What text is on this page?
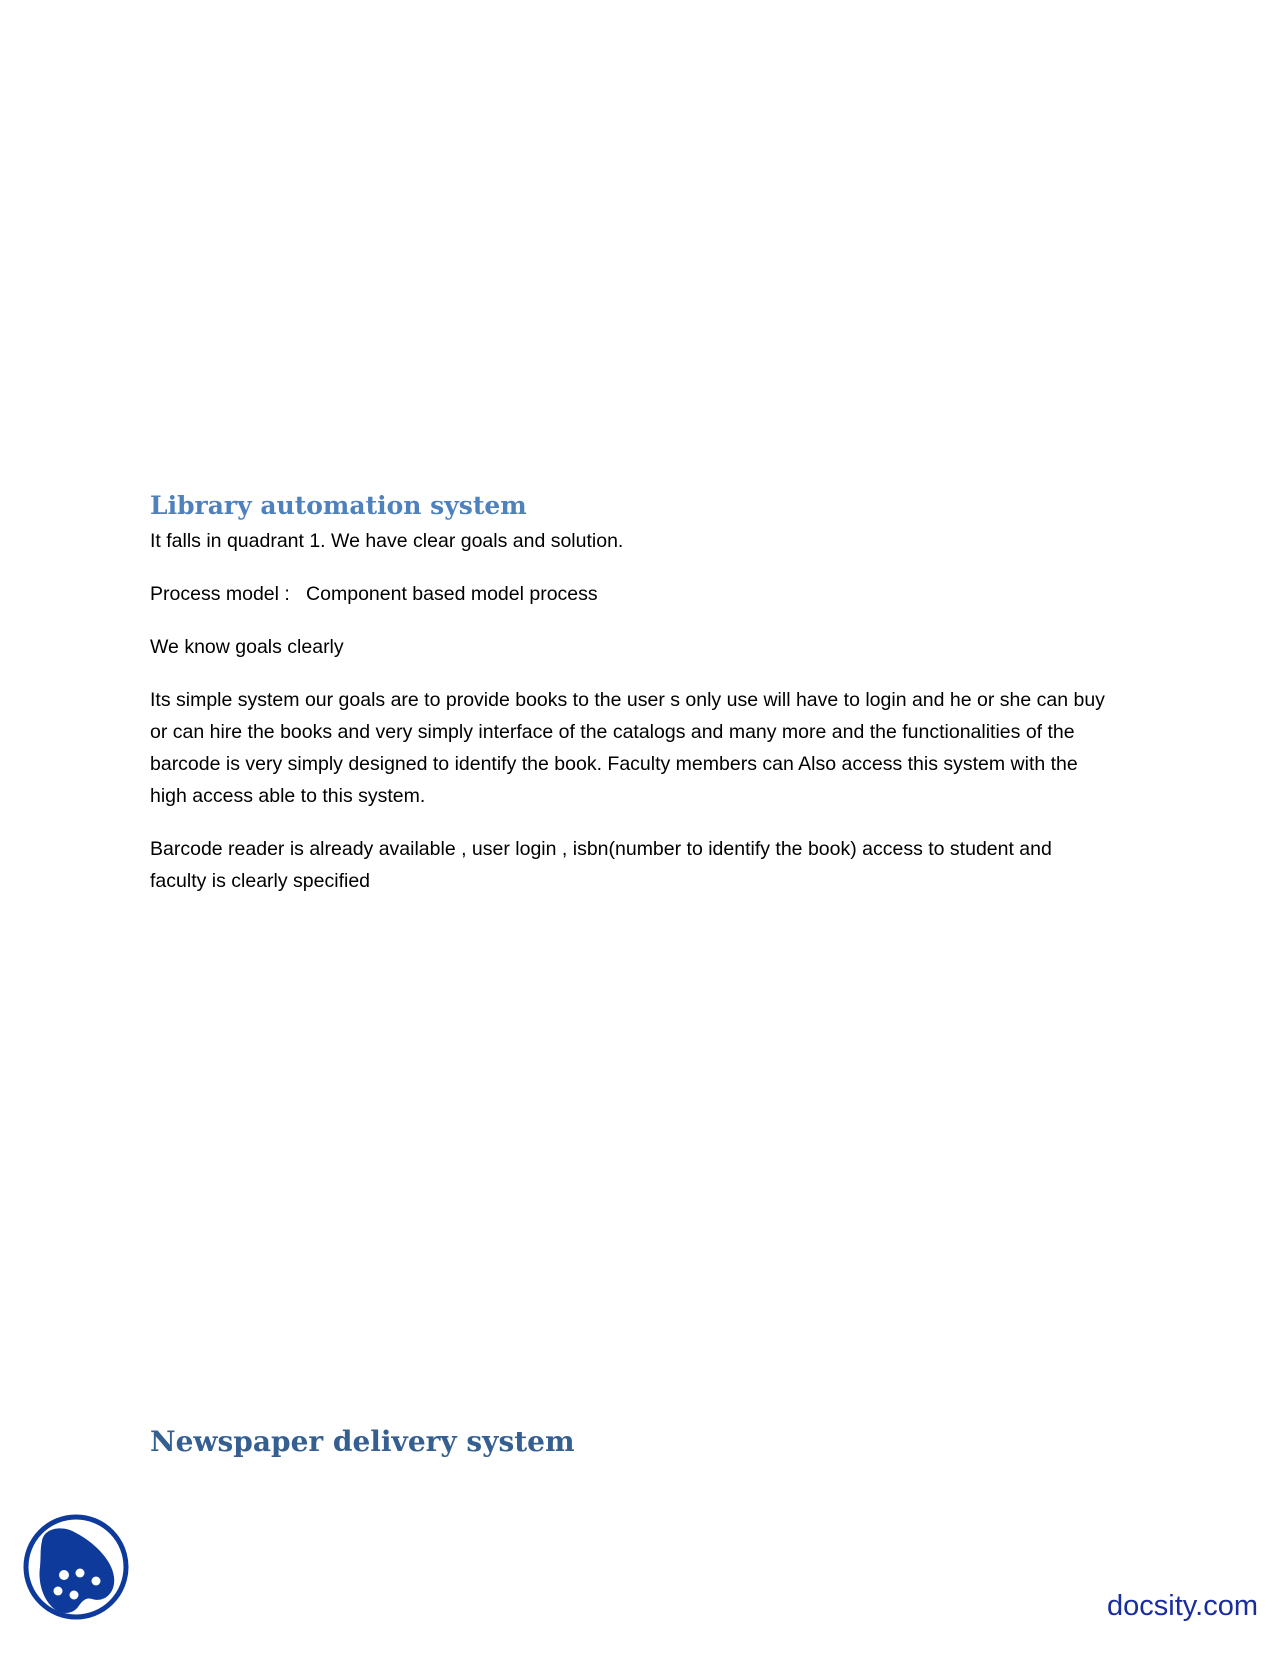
Library automation system

It falls in quadrant 1. We have clear goals and solution.

Process model :   Component based model process

We know goals clearly

Its simple system our goals are to provide books to the user s only use will have to login and he or she can buy or can hire the books and very simply interface of the catalogs and many more and the functionalities of the barcode is very simply designed to identify the book. Faculty members can Also access this system with the high access able to this system.

Barcode reader is already available , user login , isbn(number to identify the book) access to student and faculty is clearly specified

Newspaper delivery system
docsity.com
